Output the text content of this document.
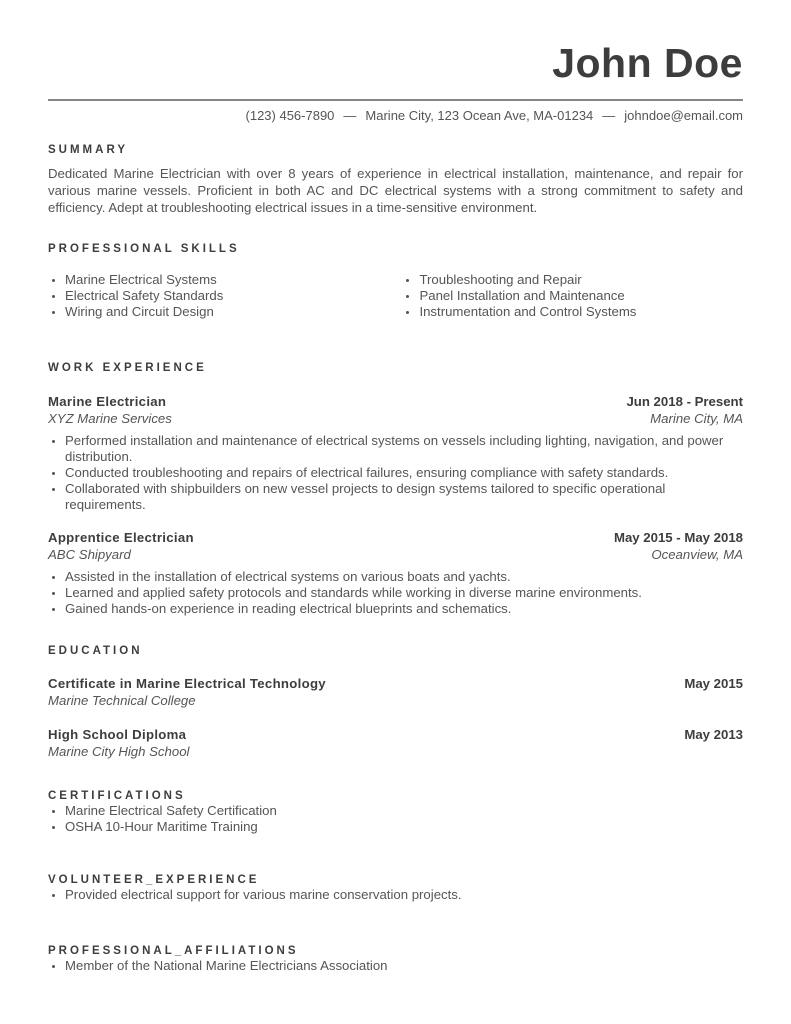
John Doe
(123) 456-7890 — Marine City, 123 Ocean Ave, MA-01234 — johndoe@email.com
SUMMARY

Dedicated Marine Electrician with over 8 years of experience in electrical installation, maintenance, and repair for various marine vessels. Proficient in both AC and DC electrical systems with a strong commitment to safety and efficiency. Adept at troubleshooting electrical issues in a time-sensitive environment.

PROFESSIONAL SKILLS
• Marine Electrical Systems
• Electrical Safety Standards
• Wiring and Circuit Design
• Troubleshooting and Repair
• Panel Installation and Maintenance
• Instrumentation and Control Systems
WORK EXPERIENCE
Marine Electrician	Jun 2018 - Present
XYZ Marine Services	Marine City, MA
• Performed installation and maintenance of electrical systems on vessels including lighting, navigation, and power distribution.
• Conducted troubleshooting and repairs of electrical failures, ensuring compliance with safety standards.
• Collaborated with shipbuilders on new vessel projects to design systems tailored to specific operational requirements.
Apprentice Electrician	May 2015 - May 2018
ABC Shipyard	Oceanview, MA
• Assisted in the installation of electrical systems on various boats and yachts.
• Learned and applied safety protocols and standards while working in diverse marine environments.
• Gained hands-on experience in reading electrical blueprints and schematics.
EDUCATION
Certificate in Marine Electrical Technology	May 2015
Marine Technical College
High School Diploma	May 2013
Marine City High School
CERTIFICATIONS
• Marine Electrical Safety Certification
• OSHA 10-Hour Maritime Training
VOLUNTEER_EXPERIENCE
• Provided electrical support for various marine conservation projects.
PROFESSIONAL_AFFILIATIONS
• Member of the National Marine Electricians Association
